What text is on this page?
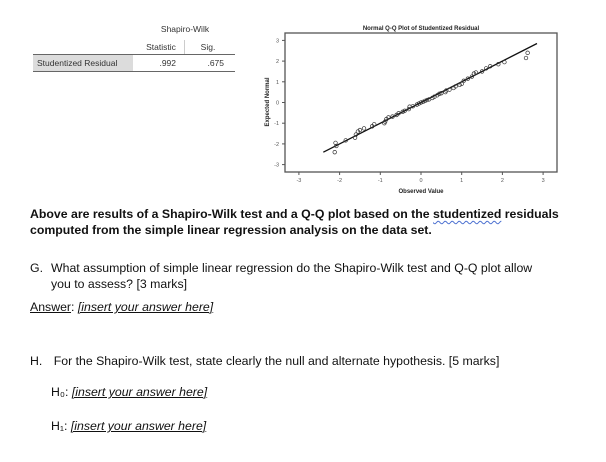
Shapiro-Wilk
Statistic	Sig.
Studentized Residual	.992	.675
Normal Q-Q Plot of Studentized Residual
Observed Value
Expected Normal
-3	-2	-1	0	1	2	3
3
2
1
0
-1
-2
-3
Above are results of a Shapiro-Wilk test and a Q-Q plot based on the studentized residuals
computed from the simple linear regression analysis on the data set.
G. What assumption of simple linear regression do the Shapiro-Wilk test and Q-Q plot allow
you to assess? [3 marks]
Answer: [insert your answer here]
H. For the Shapiro-Wilk test, state clearly the null and alternate hypothesis. [5 marks]
H₀: [insert your answer here]
H₁: [insert your answer here]
